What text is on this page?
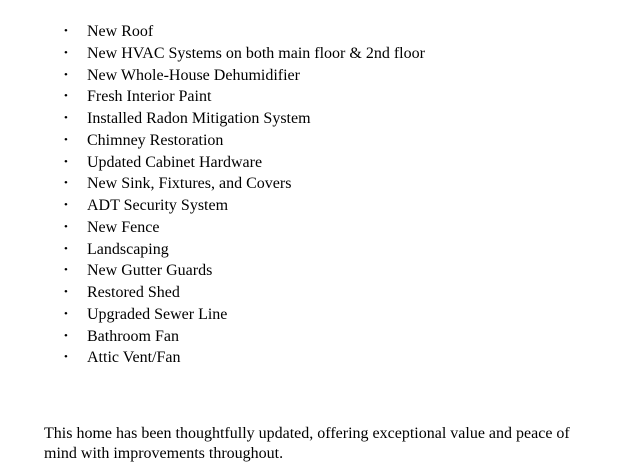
• New Roof
• New HVAC Systems on both main floor & 2nd floor
• New Whole-House Dehumidifier
• Fresh Interior Paint
• Installed Radon Mitigation System
• Chimney Restoration
• Updated Cabinet Hardware
• New Sink, Fixtures, and Covers
• ADT Security System
• New Fence
• Landscaping
• New Gutter Guards
• Restored Shed
• Upgraded Sewer Line
• Bathroom Fan
• Attic Vent/Fan

This home has been thoughtfully updated, offering exceptional value and peace of mind with improvements throughout.
